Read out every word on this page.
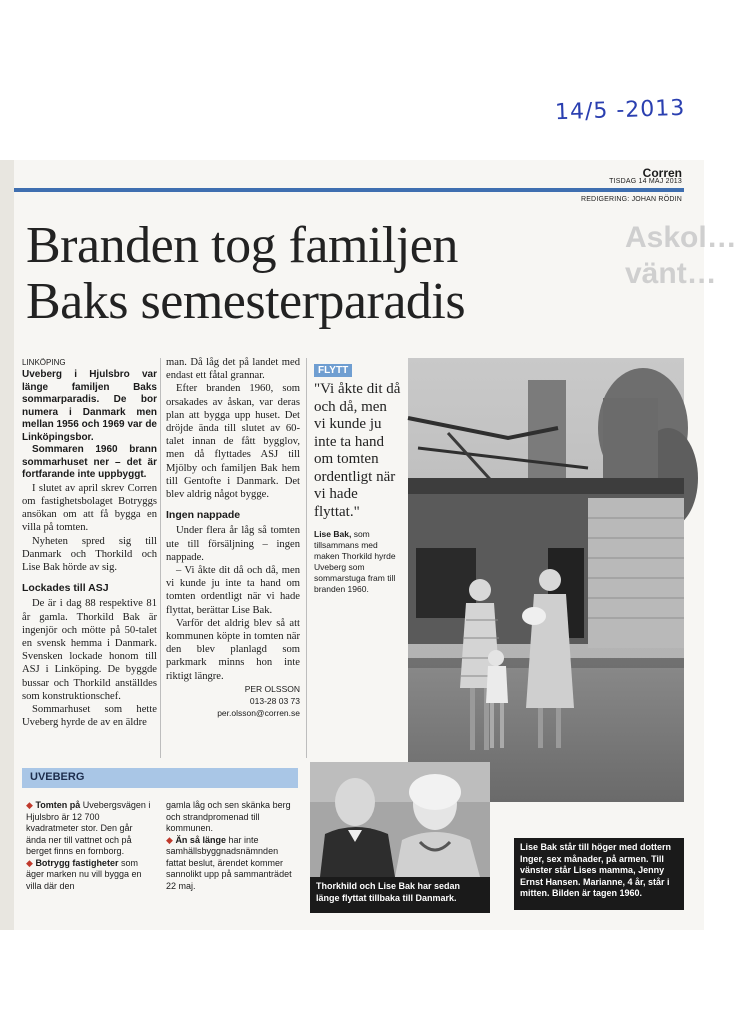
14/5 -2013
Askol…
vänt…
Corren
TISDAG 14 MAJ 2013
REDIGERING: JOHAN RÖDIN
Branden tog familjen
Baks semesterparadis
LINKÖPING
Uveberg i Hjulsbro var länge familjen Baks sommarparadis. De bor numera i Danmark men mellan 1956 och 1969 var de Linköpingsbor.
Sommaren 1960 brann sommarhuset ner – det är fortfarande inte uppbyggt.

I slutet av april skrev Corren om fastighetsbolaget Botryggs ansökan om att få bygga en villa på tomten.

Nyheten spred sig till Danmark och Thorkild och Lise Bak hörde av sig.

Lockades till ASJ

De är i dag 88 respektive 81 år gamla. Thorkild Bak är ingenjör och mötte på 50-talet en svensk hemma i Danmark. Svensken lockade honom till ASJ i Linköping. De byggde bussar och Thorkild anställdes som konstruktionschef.

Sommarhuset som hette Uveberg hyrde de av en äldre

man. Då låg det på landet med endast ett fåtal grannar.

Efter branden 1960, som orsakades av åskan, var deras plan att bygga upp huset. Det dröjde ända till slutet av 60-talet innan de fått bygglov, men då flyttades ASJ till Mjölby och familjen Bak hem till Gentofte i Danmark. Det blev aldrig något bygge.

Ingen nappade

Under flera år låg så tomten ute till försäljning – ingen nappade.

– Vi åkte dit då och då, men vi kunde ju inte ta hand om tomten ordentligt när vi hade flyttat, berättar Lise Bak.

Varför det aldrig blev så att kommunen köpte in tomten när den blev planlagd som parkmark minns hon inte riktigt längre.

PER OLSSON
013-28 03 73
per.olsson@corren.se
FLYTT
"Vi åkte dit då och då, men vi kunde ju inte ta hand om tomten ordentligt när vi hade flyttat."
Lise Bak, som tillsammans med maken Thorkild hyrde Uveberg som sommarstuga fram till branden 1960.
UVEBERG
◆ Tomten på Uvebergsvägen i Hjulsbro är 12 700 kvadratmeter stor. Den går ända ner till vattnet och på berget finns en fornborg.
◆ Botrygg fastigheter som äger marken nu vill bygga en villa där den
gamla låg och sen skänka berg och strandpromenad till kommunen.
◆ Än så länge har inte samhällsbyggnadsnämnden fattat beslut, ärendet kommer sannolikt upp på sammanträdet 22 maj.	Thorkhild och Lise Bak har sedan länge flyttat tillbaka till Danmark.
Lise Bak står till höger med dottern Inger, sex månader, på armen. Till vänster står Lises mamma, Jenny Ernst Hansen. Marianne, 4 år, står i mitten. Bilden är tagen 1960.
